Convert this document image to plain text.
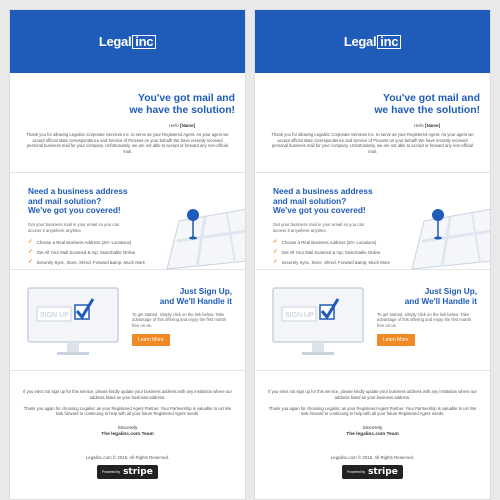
Legal inc
You've got mail and
we have the solution!
Hello [Name]

Thank you for allowing Legalinc Corporate Services Inc. to serve as your Registered Agent. As your agent we accept official state correspondence and Service of Process on your behalf! We have recently received personal business mail for your company. Unfortunately, we are not able to accept or forward any non-official mail.

Need a business address
and mail solution?
We've got you covered!

Get your business mail in your email so you can access it anywhere anytime.

✓ Choose a Real Business Address (20+ Locations)
✓ Get All Your Mail Scanned & mp; Searchable Online
✓ Securely Sync, Store, Shred, Forward &amp; Much More
SIGN UP
Just Sign Up,
and We'll Handle it

To get started, simply click on the link below. Take advantage of this offering and enjoy the first month free on us.

Learn More

If you elect not sign up for this service, please kindly update your business address with any institution where our address listed as your business address.

Thank you again for choosing Legalinc as your Registered Agent Partner. Your Partnership is valuable to us! We look forward to continuing to help with all your future Registered Agent needs.

Sincerely
The legalinc.com Team
Legalinc.com © 2015. All Rights Reserved.
Powered by stripe
Legal inc
You've got mail and
we have the solution!
Hello [Name]

Thank you for allowing Legalinc Corporate Services Inc. to serve as your Registered Agent. As your agent we accept official state correspondence and Service of Process on your behalf! We have recently received personal business mail for your company. Unfortunately, we are not able to accept or forward any non-official mail.

Need a business address
and mail solution?
We've got you covered!

Get your business mail in your email so you can access it anywhere anytime.

✓ Choose a Real Business Address (20+ Locations)
✓ Get All Your Mail Scanned & mp; Searchable Online
✓ Securely Sync, Store, Shred, Forward &amp; Much More
SIGN UP
Just Sign Up,
and We'll Handle it

To get started, simply click on the link below. Take advantage of this offering and enjoy the first month free on us.

Learn More

If you elect not sign up for this service, please kindly update your business address with any institution where our address listed as your business address.

Thank you again for choosing Legalinc as your Registered Agent Partner. Your Partnership is valuable to us! We look forward to continuing to help with all your future Registered Agent needs.

Sincerely
The legalinc.com Team
Legalinc.com © 2015. All Rights Reserved.
Powered by stripe
